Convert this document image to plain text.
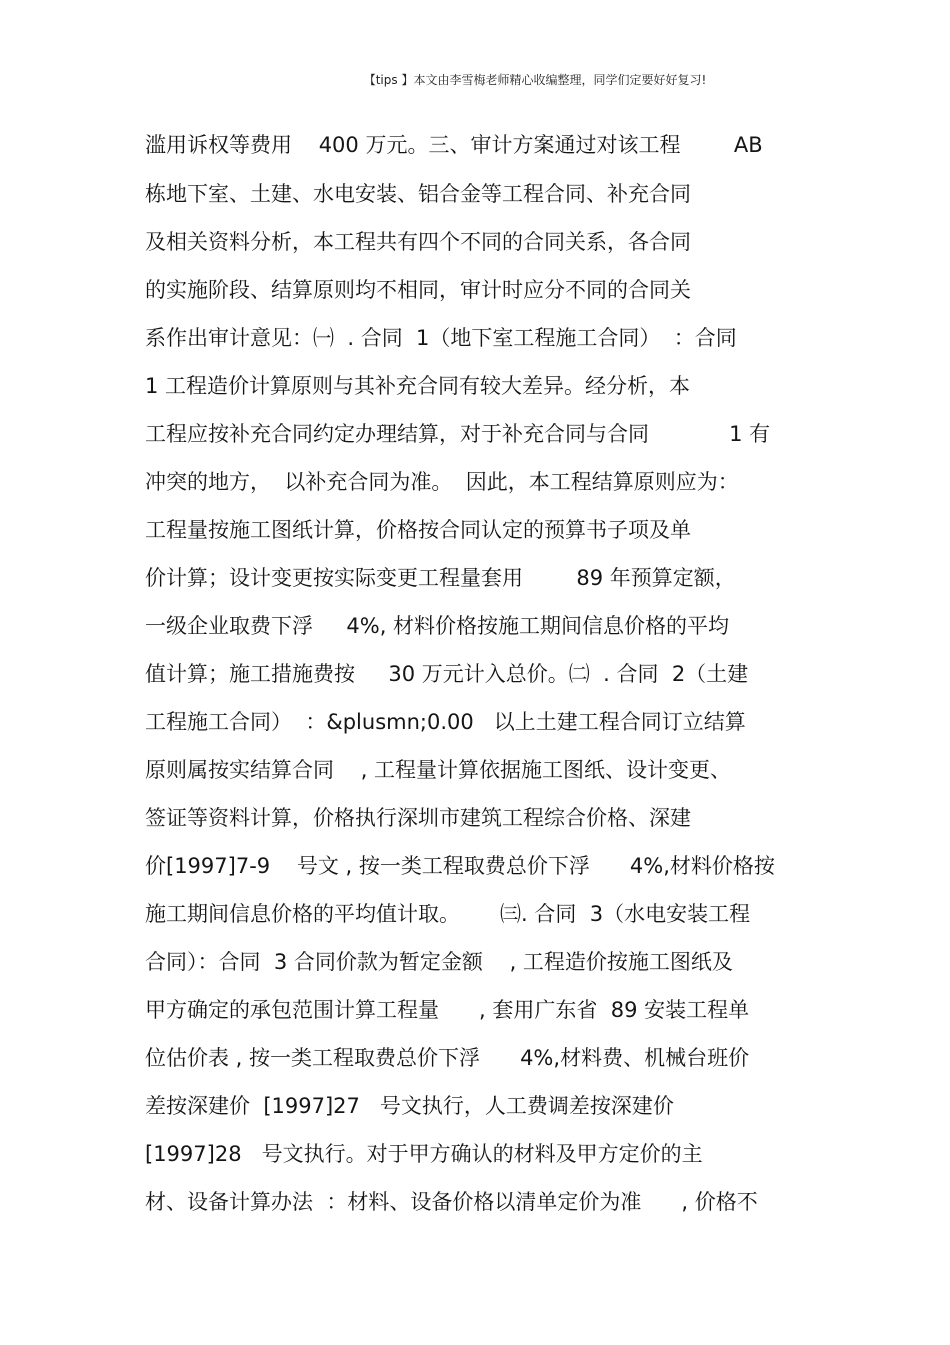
【tips 】本文由李雪梅老师精心收编整理，同学们定要好好复习!
滥用诉权等费用    400 万元。三、审计方案通过对该工程        AB
栋地下室、土建、水电安装、铝合金等工程合同、补充合同
及相关资料分析，本工程共有四个不同的合同关系，各合同
的实施阶段、结算原则均不相同，审计时应分不同的合同关
系作出审计意见：㈠  . 合同  1（地下室工程施工合同）  ：合同
1 工程造价计算原则与其补充合同有较大差异。经分析，本
工程应按补充合同约定办理结算，对于补充合同与合同            1 有
冲突的地方，  以补充合同为准。  因此，本工程结算原则应为：
工程量按施工图纸计算，价格按合同认定的预算书子项及单
价计算；设计变更按实际变更工程量套用        89 年预算定额，
一级企业取费下浮     4%, 材料价格按施工期间信息价格的平均
值计算；施工措施费按     30 万元计入总价。㈡  . 合同  2（土建
工程施工合同）  ：&plusmn;0.00   以上土建工程合同订立结算
原则属按实结算合同    , 工程量计算依据施工图纸、设计变更、
签证等资料计算，价格执行深圳市建筑工程综合价格、深建
价[1997]7-9    号文 , 按一类工程取费总价下浮      4%,材料价格按
施工期间信息价格的平均值计取。      ㈢. 合同  3（水电安装工程
合同）：合同  3 合同价款为暂定金额    , 工程造价按施工图纸及
甲方确定的承包范围计算工程量      , 套用广东省  89 安装工程单
位估价表 , 按一类工程取费总价下浮      4%,材料费、机械台班价
差按深建价  [1997]27   号文执行，人工费调差按深建价
[1997]28   号文执行。对于甲方确认的材料及甲方定价的主
材、设备计算办法  ：材料、设备价格以清单定价为准      , 价格不
